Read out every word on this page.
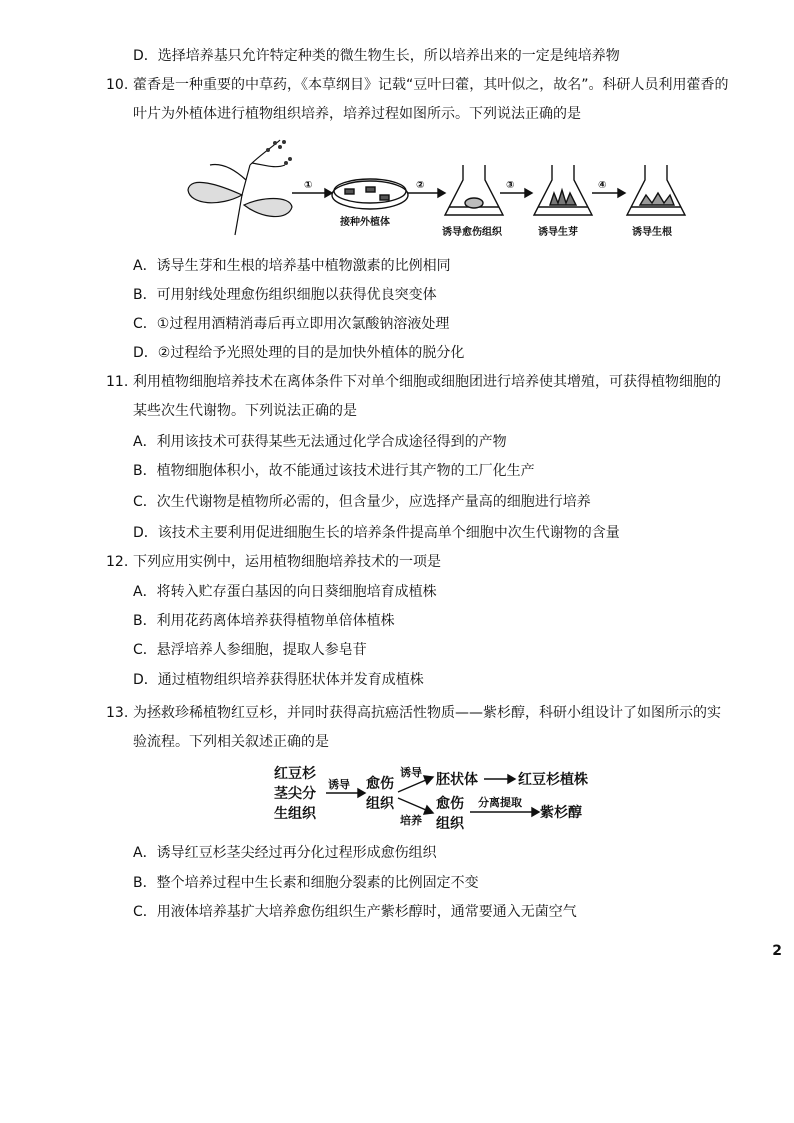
D．选择培养基只允许特定种类的微生物生长，所以培养出来的一定是纯培养物
10. 藿香是一种重要的中草药，《本草纲目》记载“豆叶曰藿，其叶似之，故名”。科研人员利用藿香的
叶片为外植体进行植物组织培养，培养过程如图所示。下列说法正确的是
①	②	③	④
接种外植体
诱导愈伤组织	诱导生芽	诱导生根
A．诱导生芽和生根的培养基中植物激素的比例相同
B．可用射线处理愈伤组织细胞以获得优良突变体
C．①过程用酒精消毒后再立即用次氯酸钠溶液处理
D．②过程给予光照处理的目的是加快外植体的脱分化
11. 利用植物细胞培养技术在离体条件下对单个细胞或细胞团进行培养使其增殖，可获得植物细胞的
某些次生代谢物。下列说法正确的是
A．利用该技术可获得某些无法通过化学合成途径得到的产物
B．植物细胞体积小，故不能通过该技术进行其产物的工厂化生产
C．次生代谢物是植物所必需的，但含量少，应选择产量高的细胞进行培养
D．该技术主要利用促进细胞生长的培养条件提高单个细胞中次生代谢物的含量
12. 下列应用实例中，运用植物细胞培养技术的一项是
A．将转入贮存蛋白基因的向日葵细胞培育成植株
B．利用花药离体培养获得植物单倍体植株
C．悬浮培养人参细胞，提取人参皂苷
D．通过植物组织培养获得胚状体并发育成植株
13. 为拯救珍稀植物红豆杉，并同时获得高抗癌活性物质——紫杉醇，科研小组设计了如图所示的实
验流程。下列相关叙述正确的是
红豆杉
茎尖分
生组织
诱导 愈伤
组织
诱导
培养
胚状体	红豆杉植株
愈伤
组织
分离提取
紫杉醇
A．诱导红豆杉茎尖经过再分化过程形成愈伤组织
B．整个培养过程中生长素和细胞分裂素的比例固定不变
C．用液体培养基扩大培养愈伤组织生产紫杉醇时，通常要通入无菌空气
2
